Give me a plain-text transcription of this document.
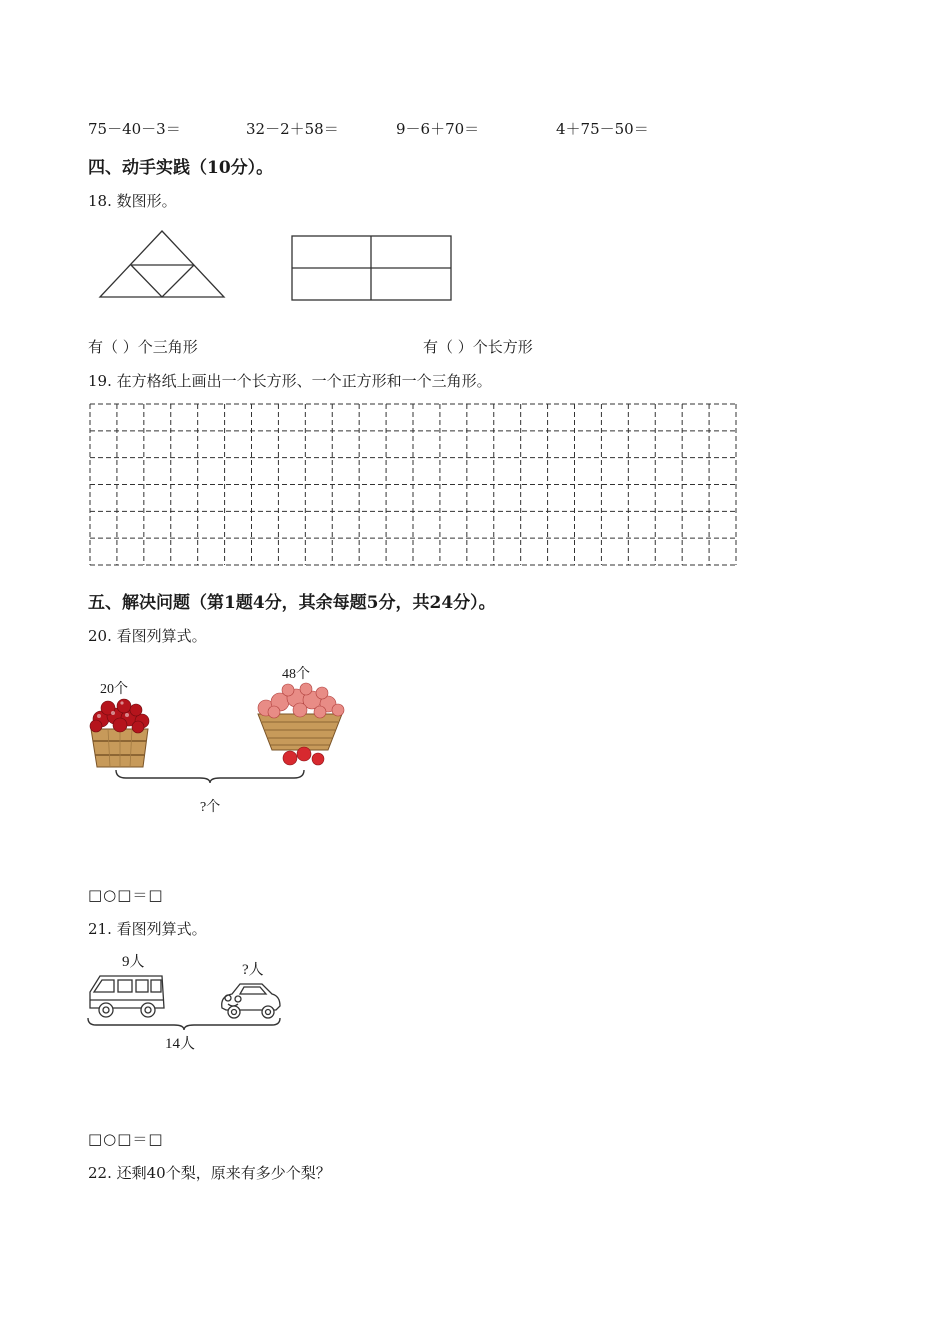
75－40－3＝	32－2＋58＝	9－6＋70＝	4＋75－50＝
四、动手实践（10分）。
18. 数图形。
有（ ）个三角形	有（ ）个长方形
19. 在方格纸上画出一个长方形、一个正方形和一个三角形。
五、解决问题（第1题4分，其余每题5分，共24分）。
20. 看图列算式。
20个
48个
?个
□○□＝□
21. 看图列算式。
9人	?人
14人
□○□＝□
22. 还剩40个梨，原来有多少个梨？
